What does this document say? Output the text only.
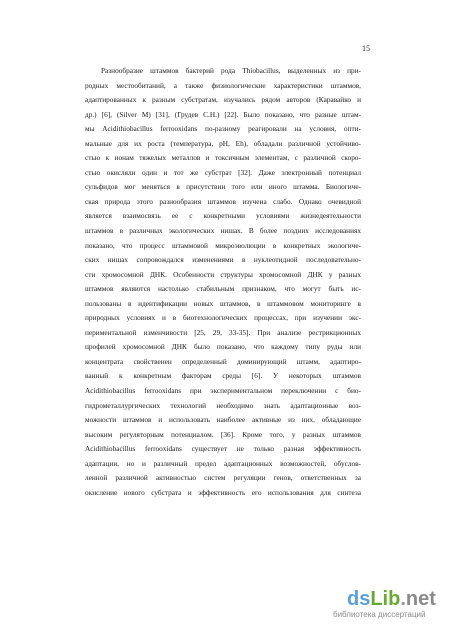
15
Разнообразие штаммов бактерий рода Thiobacillus, выделенных из при-
родных местообитаний, а также физиологические характеристики штаммов,
адаптированных к разным субстратам, изучались рядом авторов (Каравайко и
др.) [6], (Silver M) [31], (Грудев С.Н.) [22]. Было показано, что разные штам-
мы Acidithiobacillus ferrooxidans по-разному реагировали на условия, опти-
мальные для их роста (температура, pH, Eh), обладали различной устойчиво-
стью к ионам тяжелых металлов и токсичным элементам, с различной скоро-
стью окисляли один и тот же субстрат [32]. Даже электронный потенциал
сульфидов мог меняться в присутствии того или иного штамма. Биологиче-
ская природа этого разнообразия штаммов изучена слабо. Однако очевидной
является взаимосвязь ее с конкретными условиями жизнедеятельности
штаммов в различных экологических нишах. В более поздних исследованиях
показано, что процесс штаммовой микроэволюции в конкретных экологиче-
ских нишах сопровождался изменениями в нуклеотидной последовательно-
сти хромосомной ДНК. Особенности структуры хромосомной ДНК у разных
штаммов являются настолько стабильным признаком, что могут быть ис-
пользованы в идентификации новых штаммов, в штаммовом мониторинге в
природных условиях и в биотехнологических процессах, при изучении экс-
периментальной изменчивости [25, 29, 33-35]. При анализе рестрикционных
профилей хромосомной ДНК было показано, что каждому типу руды или
концентрата свойственен определенный доминирующий штамм, адаптиро-
ванный к конкретным факторам среды [6]. У некоторых штаммов
Acidithiobacillus ferrooxidans при экспериментальном переключении с био-
гидрометаллургических технологий необходимо знать адаптационные воз-
можности штаммов и использовать наиболее активные из них, обладающие
высоким регуляторным потенциалом. [36]. Кроме того, у разных штаммов
Acidithiobacillus ferrooxidans существует не только разная эффективность
адаптации, но и различный предел адаптационных возможностей, обуслов-
ленной различной активностью систем регуляции генов, ответственных за
окисление нового субстрата и эффективность его использования для синтеза
ds Lib . net
библиотека диссертаций
